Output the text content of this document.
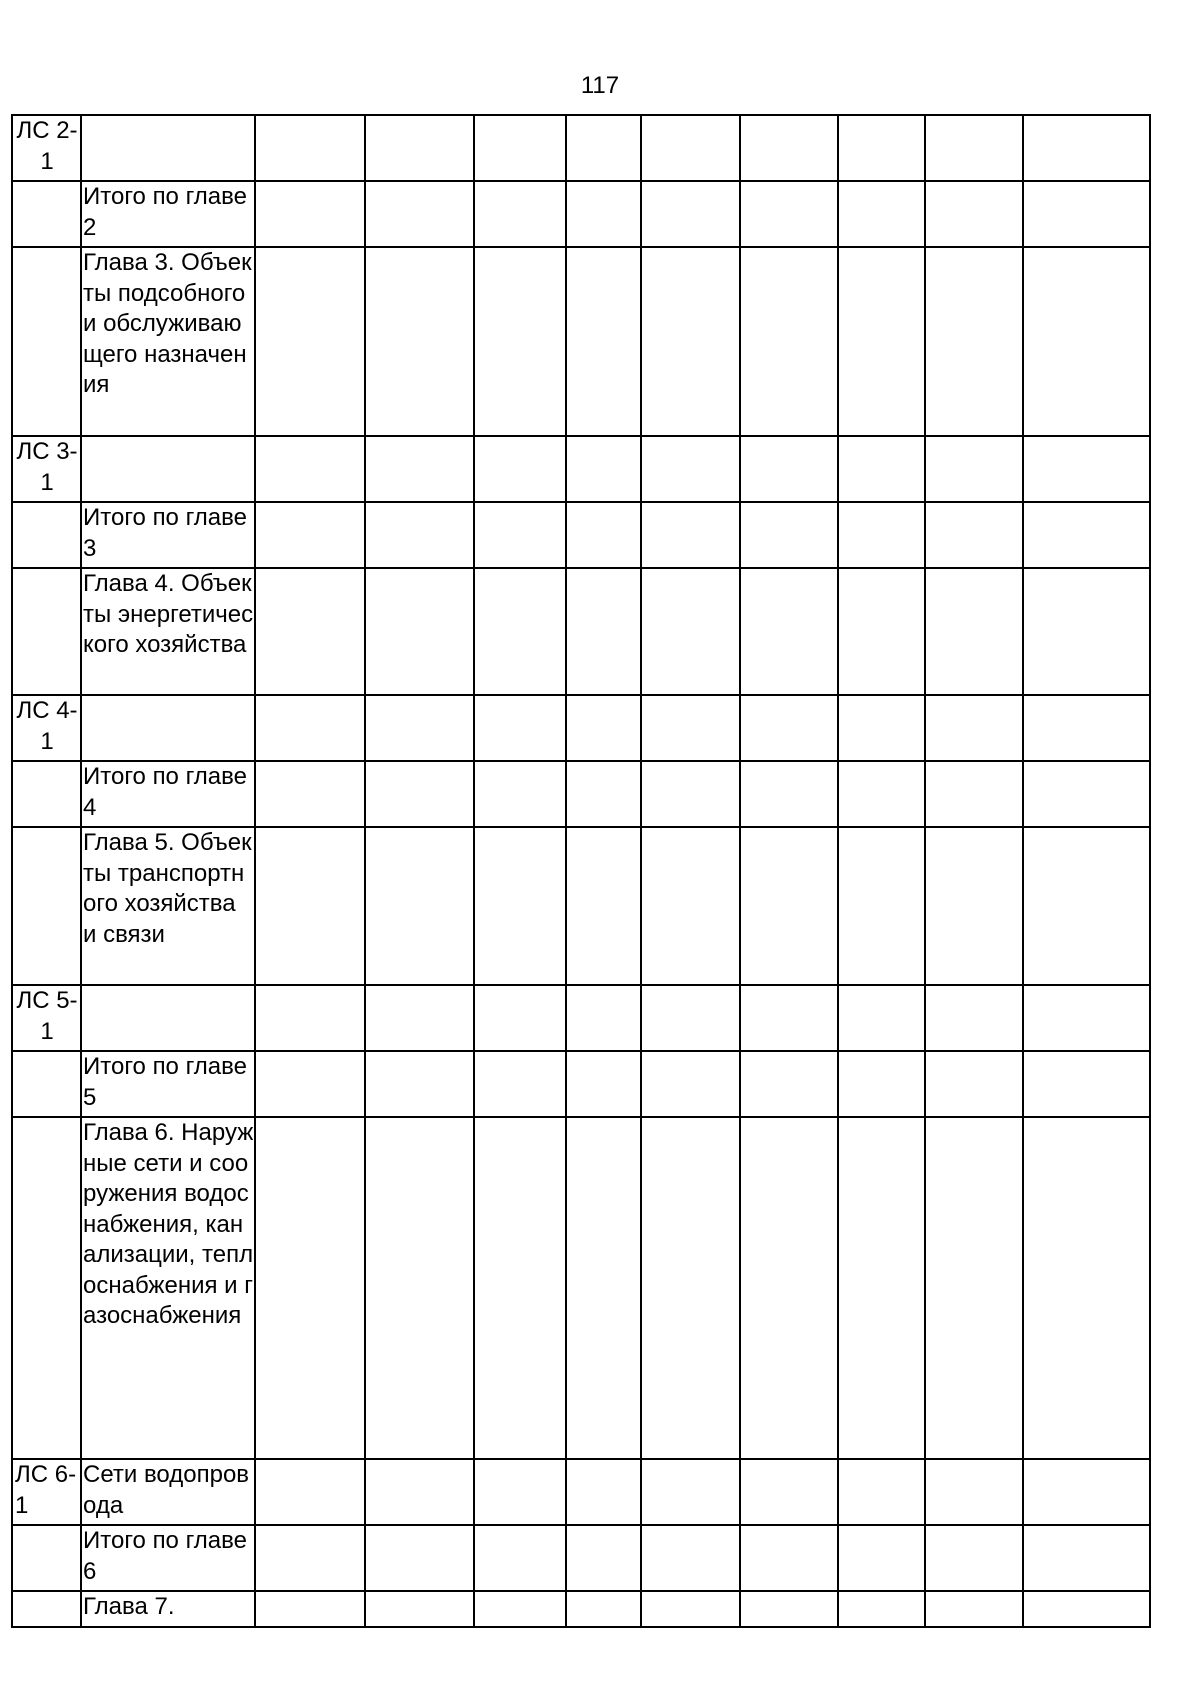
117
ЛС 2-1										

	Итого по главе 2									

	Глава 3. Объекты подсобного и обслуживающего назначения									

ЛС 3-1										

	Итого по главе 3									

	Глава 4. Объекты энергетического хозяйства									

ЛС 4-1										

	Итого по главе 4									

	Глава 5. Объекты транспортного хозяйства и связи									

ЛС 5-1										

	Итого по главе 5									

	Глава 6. Наружные сети и сооружения водоснабжения, канализации, теплоснабжения и газоснабжения									

ЛС 6-1	Сети водопровода									

	Итого по главе 6									

	Глава 7.									
